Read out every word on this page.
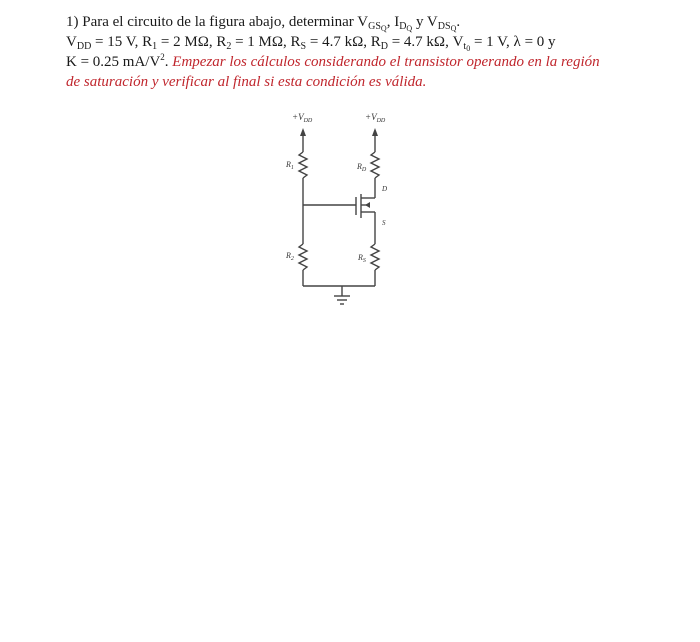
1) Para el circuito de la figura abajo, determinar $V_{GS_Q}$, $I_{D_Q}$ y $V_{DS_Q}$.
$V_{DD} = 15$ V, $R_1 = 2$ MΩ, $R_2 = 1$ MΩ, $R_S = 4.7$ kΩ, $R_D = 4.7$ kΩ, $V_{t_0} = 1$ V, λ = 0 y
K = 0.25 $mA/V^2$. Empezar los cálculos considerando el transistor operando en la región
de saturación y verificar al final si esta condición es válida.
$+V_{DD}$	$+V_{DD}$
$R_1$
$R_2$
$R_D$
$R_S$
D
S
